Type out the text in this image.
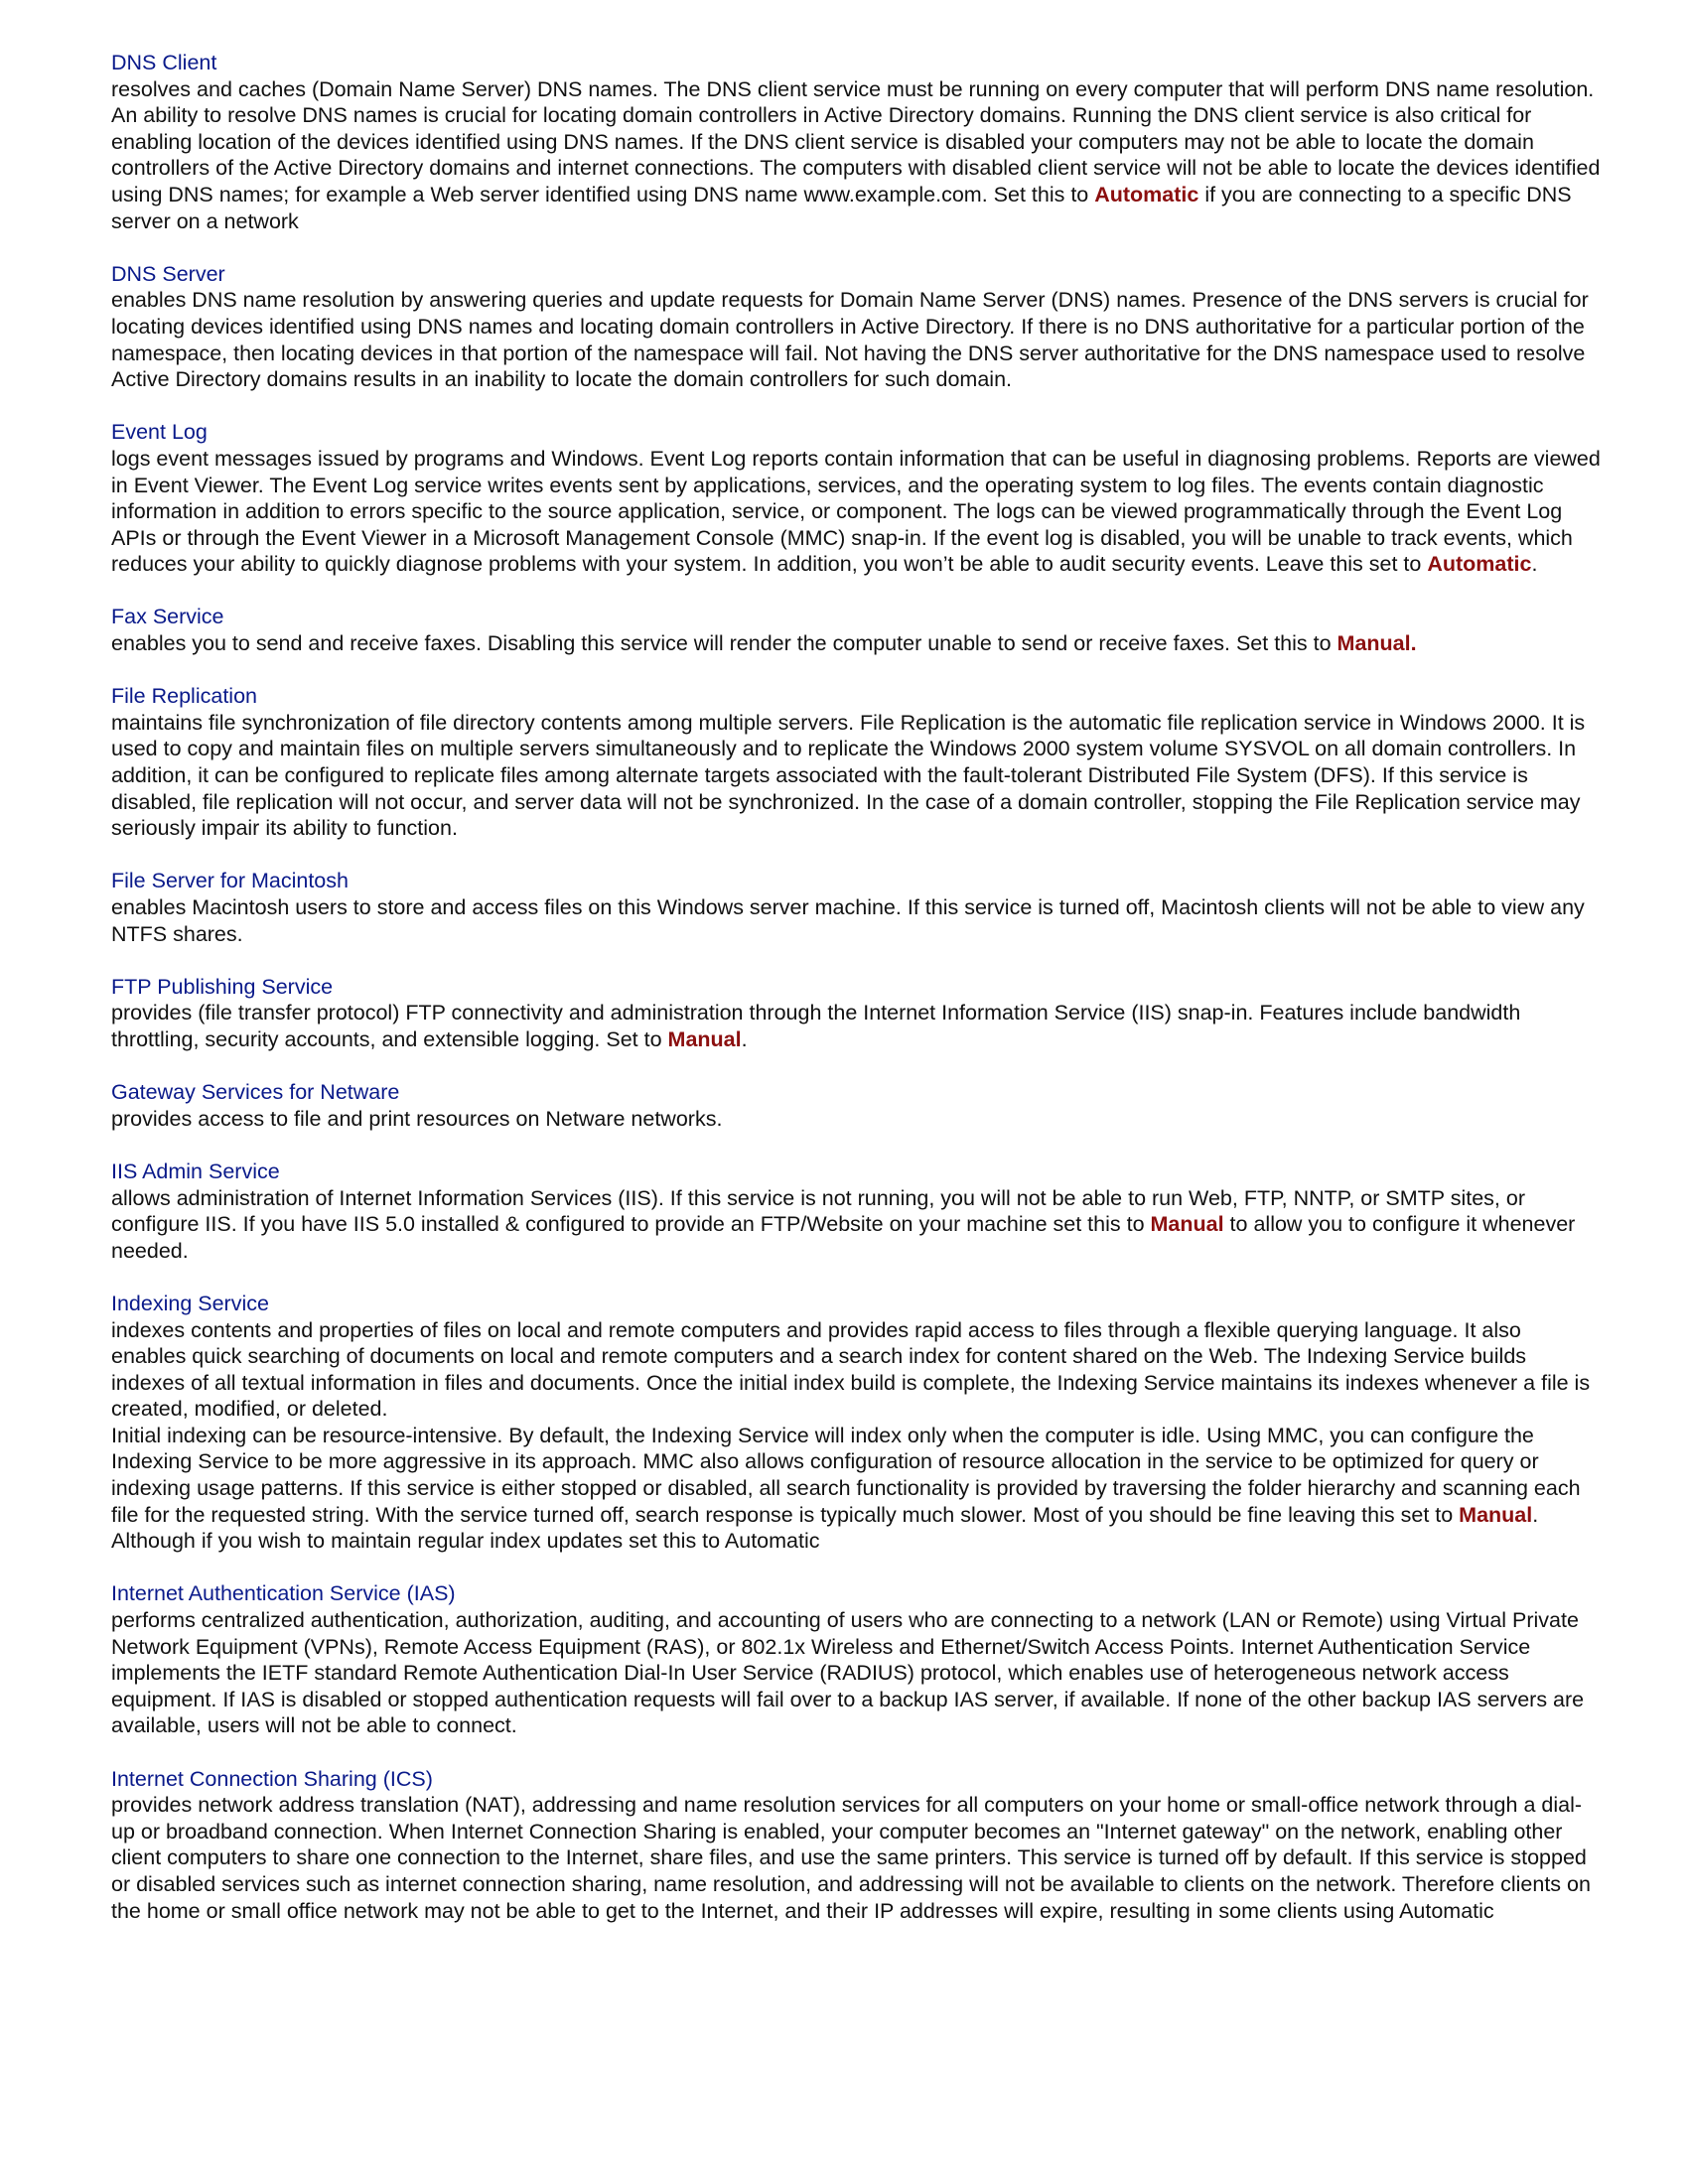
DNS Client

resolves and caches (Domain Name Server) DNS names. The DNS client service must be running on every computer that will perform DNS name resolution. An ability to resolve DNS names is crucial for locating domain controllers in Active Directory domains. Running the DNS client service is also critical for enabling location of the devices identified using DNS names. If the DNS client service is disabled your computers may not be able to locate the domain controllers of the Active Directory domains and internet connections. The computers with disabled client service will not be able to locate the devices identified using DNS names; for example a Web server identified using DNS name www.example.com. Set this to Automatic if you are connecting to a specific DNS server on a network

DNS Server

enables DNS name resolution by answering queries and update requests for Domain Name Server (DNS) names. Presence of the DNS servers is crucial for locating devices identified using DNS names and locating domain controllers in Active Directory. If there is no DNS authoritative for a particular portion of the namespace, then locating devices in that portion of the namespace will fail. Not having the DNS server authoritative for the DNS namespace used to resolve Active Directory domains results in an inability to locate the domain controllers for such domain.

Event Log

logs event messages issued by programs and Windows. Event Log reports contain information that can be useful in diagnosing problems. Reports are viewed in Event Viewer. The Event Log service writes events sent by applications, services, and the operating system to log files. The events contain diagnostic information in addition to errors specific to the source application, service, or component. The logs can be viewed programmatically through the Event Log APIs or through the Event Viewer in a Microsoft Management Console (MMC) snap-in. If the event log is disabled, you will be unable to track events, which reduces your ability to quickly diagnose problems with your system. In addition, you won’t be able to audit security events. Leave this set to Automatic.

Fax Service

enables you to send and receive faxes. Disabling this service will render the computer unable to send or receive faxes. Set this to Manual.

File Replication

maintains file synchronization of file directory contents among multiple servers. File Replication is the automatic file replication service in Windows 2000. It is used to copy and maintain files on multiple servers simultaneously and to replicate the Windows 2000 system volume SYSVOL on all domain controllers. In addition, it can be configured to replicate files among alternate targets associated with the fault-tolerant Distributed File System (DFS). If this service is disabled, file replication will not occur, and server data will not be synchronized. In the case of a domain controller, stopping the File Replication service may seriously impair its ability to function.

File Server for Macintosh

enables Macintosh users to store and access files on this Windows server machine. If this service is turned off, Macintosh clients will not be able to view any NTFS shares.

FTP Publishing Service

provides (file transfer protocol) FTP connectivity and administration through the Internet Information Service (IIS) snap-in. Features include bandwidth throttling, security accounts, and extensible logging. Set to Manual.

Gateway Services for Netware

provides access to file and print resources on Netware networks.

IIS Admin Service

allows administration of Internet Information Services (IIS). If this service is not running, you will not be able to run Web, FTP, NNTP, or SMTP sites, or configure IIS. If you have IIS 5.0 installed & configured to provide an FTP/Website on your machine set this to Manual to allow you to configure it whenever needed.

Indexing Service

indexes contents and properties of files on local and remote computers and provides rapid access to files through a flexible querying language. It also enables quick searching of documents on local and remote computers and a search index for content shared on the Web. The Indexing Service builds indexes of all textual information in files and documents. Once the initial index build is complete, the Indexing Service maintains its indexes whenever a file is created, modified, or deleted.

Initial indexing can be resource-intensive. By default, the Indexing Service will index only when the computer is idle. Using MMC, you can configure the Indexing Service to be more aggressive in its approach. MMC also allows configuration of resource allocation in the service to be optimized for query or indexing usage patterns. If this service is either stopped or disabled, all search functionality is provided by traversing the folder hierarchy and scanning each file for the requested string. With the service turned off, search response is typically much slower. Most of you should be fine leaving this set to Manual. Although if you wish to maintain regular index updates set this to Automatic

Internet Authentication Service (IAS)

performs centralized authentication, authorization, auditing, and accounting of users who are connecting to a network (LAN or Remote) using Virtual Private Network Equipment (VPNs), Remote Access Equipment (RAS), or 802.1x Wireless and Ethernet/Switch Access Points. Internet Authentication Service implements the IETF standard Remote Authentication Dial-In User Service (RADIUS) protocol, which enables use of heterogeneous network access equipment. If IAS is disabled or stopped authentication requests will fail over to a backup IAS server, if available. If none of the other backup IAS servers are available, users will not be able to connect.

Internet Connection Sharing (ICS)

provides network address translation (NAT), addressing and name resolution services for all computers on your home or small-office network through a dial-up or broadband connection. When Internet Connection Sharing is enabled, your computer becomes an "Internet gateway" on the network, enabling other client computers to share one connection to the Internet, share files, and use the same printers. This service is turned off by default. If this service is stopped or disabled services such as internet connection sharing, name resolution, and addressing will not be available to clients on the network. Therefore clients on the home or small office network may not be able to get to the Internet, and their IP addresses will expire, resulting in some clients using Automatic
